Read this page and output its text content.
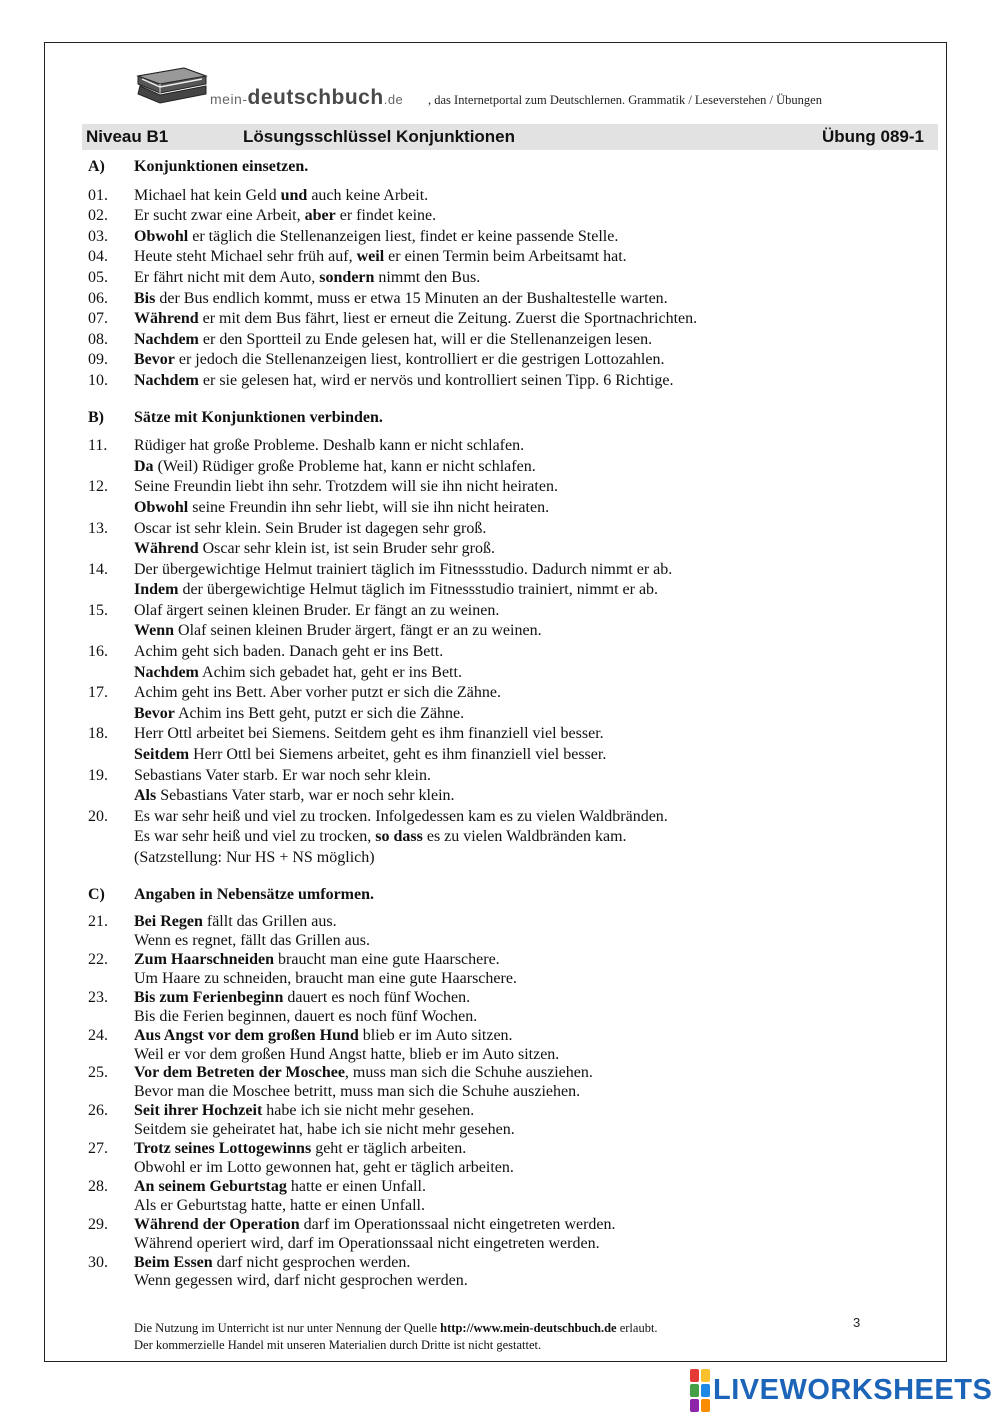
mein-deutschbuch.de , das Internetportal zum Deutschlernen. Grammatik / Leseverstehen / Übungen
Niveau B1	Lösungsschlüssel Konjunktionen	Übung 089-1
A)	Konjunktionen einsetzen.
01.	Michael hat kein Geld und auch keine Arbeit.
02.	Er sucht zwar eine Arbeit, aber er findet keine.
03.	Obwohl er täglich die Stellenanzeigen liest, findet er keine passende Stelle.
04.	Heute steht Michael sehr früh auf, weil er einen Termin beim Arbeitsamt hat.
05.	Er fährt nicht mit dem Auto, sondern nimmt den Bus.
06.	Bis der Bus endlich kommt, muss er etwa 15 Minuten an der Bushaltestelle warten.
07.	Während er mit dem Bus fährt, liest er erneut die Zeitung. Zuerst die Sportnachrichten.
08.	Nachdem er den Sportteil zu Ende gelesen hat, will er die Stellenanzeigen lesen.
09.	Bevor er jedoch die Stellenanzeigen liest, kontrolliert er die gestrigen Lottozahlen.
10.	Nachdem er sie gelesen hat, wird er nervös und kontrolliert seinen Tipp. 6 Richtige.
B)	Sätze mit Konjunktionen verbinden.
11.	Rüdiger hat große Probleme. Deshalb kann er nicht schlafen.
Da (Weil) Rüdiger große Probleme hat, kann er nicht schlafen.
12.	Seine Freundin liebt ihn sehr. Trotzdem will sie ihn nicht heiraten.
Obwohl seine Freundin ihn sehr liebt, will sie ihn nicht heiraten.
13.	Oscar ist sehr klein. Sein Bruder ist dagegen sehr groß.
Während Oscar sehr klein ist, ist sein Bruder sehr groß.
14.	Der übergewichtige Helmut trainiert täglich im Fitnessstudio. Dadurch nimmt er ab.
Indem der übergewichtige Helmut täglich im Fitnessstudio trainiert, nimmt er ab.
15.	Olaf ärgert seinen kleinen Bruder. Er fängt an zu weinen.
Wenn Olaf seinen kleinen Bruder ärgert, fängt er an zu weinen.
16.	Achim geht sich baden. Danach geht er ins Bett.
Nachdem Achim sich gebadet hat, geht er ins Bett.
17.	Achim geht ins Bett. Aber vorher putzt er sich die Zähne.
Bevor Achim ins Bett geht, putzt er sich die Zähne.
18.	Herr Ottl arbeitet bei Siemens. Seitdem geht es ihm finanziell viel besser.
Seitdem Herr Ottl bei Siemens arbeitet, geht es ihm finanziell viel besser.
19.	Sebastians Vater starb. Er war noch sehr klein.
Als Sebastians Vater starb, war er noch sehr klein.
20.	Es war sehr heiß und viel zu trocken. Infolgedessen kam es zu vielen Waldbränden.
Es war sehr heiß und viel zu trocken, so dass es zu vielen Waldbränden kam.
(Satzstellung: Nur HS + NS möglich)
C)	Angaben in Nebensätze umformen.
21.	Bei Regen fällt das Grillen aus.
Wenn es regnet, fällt das Grillen aus.
22.	Zum Haarschneiden braucht man eine gute Haarschere.
Um Haare zu schneiden, braucht man eine gute Haarschere.
23.	Bis zum Ferienbeginn dauert es noch fünf Wochen.
Bis die Ferien beginnen, dauert es noch fünf Wochen.
24.	Aus Angst vor dem großen Hund blieb er im Auto sitzen.
Weil er vor dem großen Hund Angst hatte, blieb er im Auto sitzen.
25.	Vor dem Betreten der Moschee, muss man sich die Schuhe ausziehen.
Bevor man die Moschee betritt, muss man sich die Schuhe ausziehen.
26.	Seit ihrer Hochzeit habe ich sie nicht mehr gesehen.
Seitdem sie geheiratet hat, habe ich sie nicht mehr gesehen.
27.	Trotz seines Lottogewinns geht er täglich arbeiten.
Obwohl er im Lotto gewonnen hat, geht er täglich arbeiten.
28.	An seinem Geburtstag hatte er einen Unfall.
Als er Geburtstag hatte, hatte er einen Unfall.
29.	Während der Operation darf im Operationssaal nicht eingetreten werden.
Während operiert wird, darf im Operationssaal nicht eingetreten werden.
30.	Beim Essen darf nicht gesprochen werden.
Wenn gegessen wird, darf nicht gesprochen werden.
Die Nutzung im Unterricht ist nur unter Nennung der Quelle http://www.mein-deutschbuch.de erlaubt.
Der kommerzielle Handel mit unseren Materialien durch Dritte ist nicht gestattet.
3
LIVEWORKSHEETS
